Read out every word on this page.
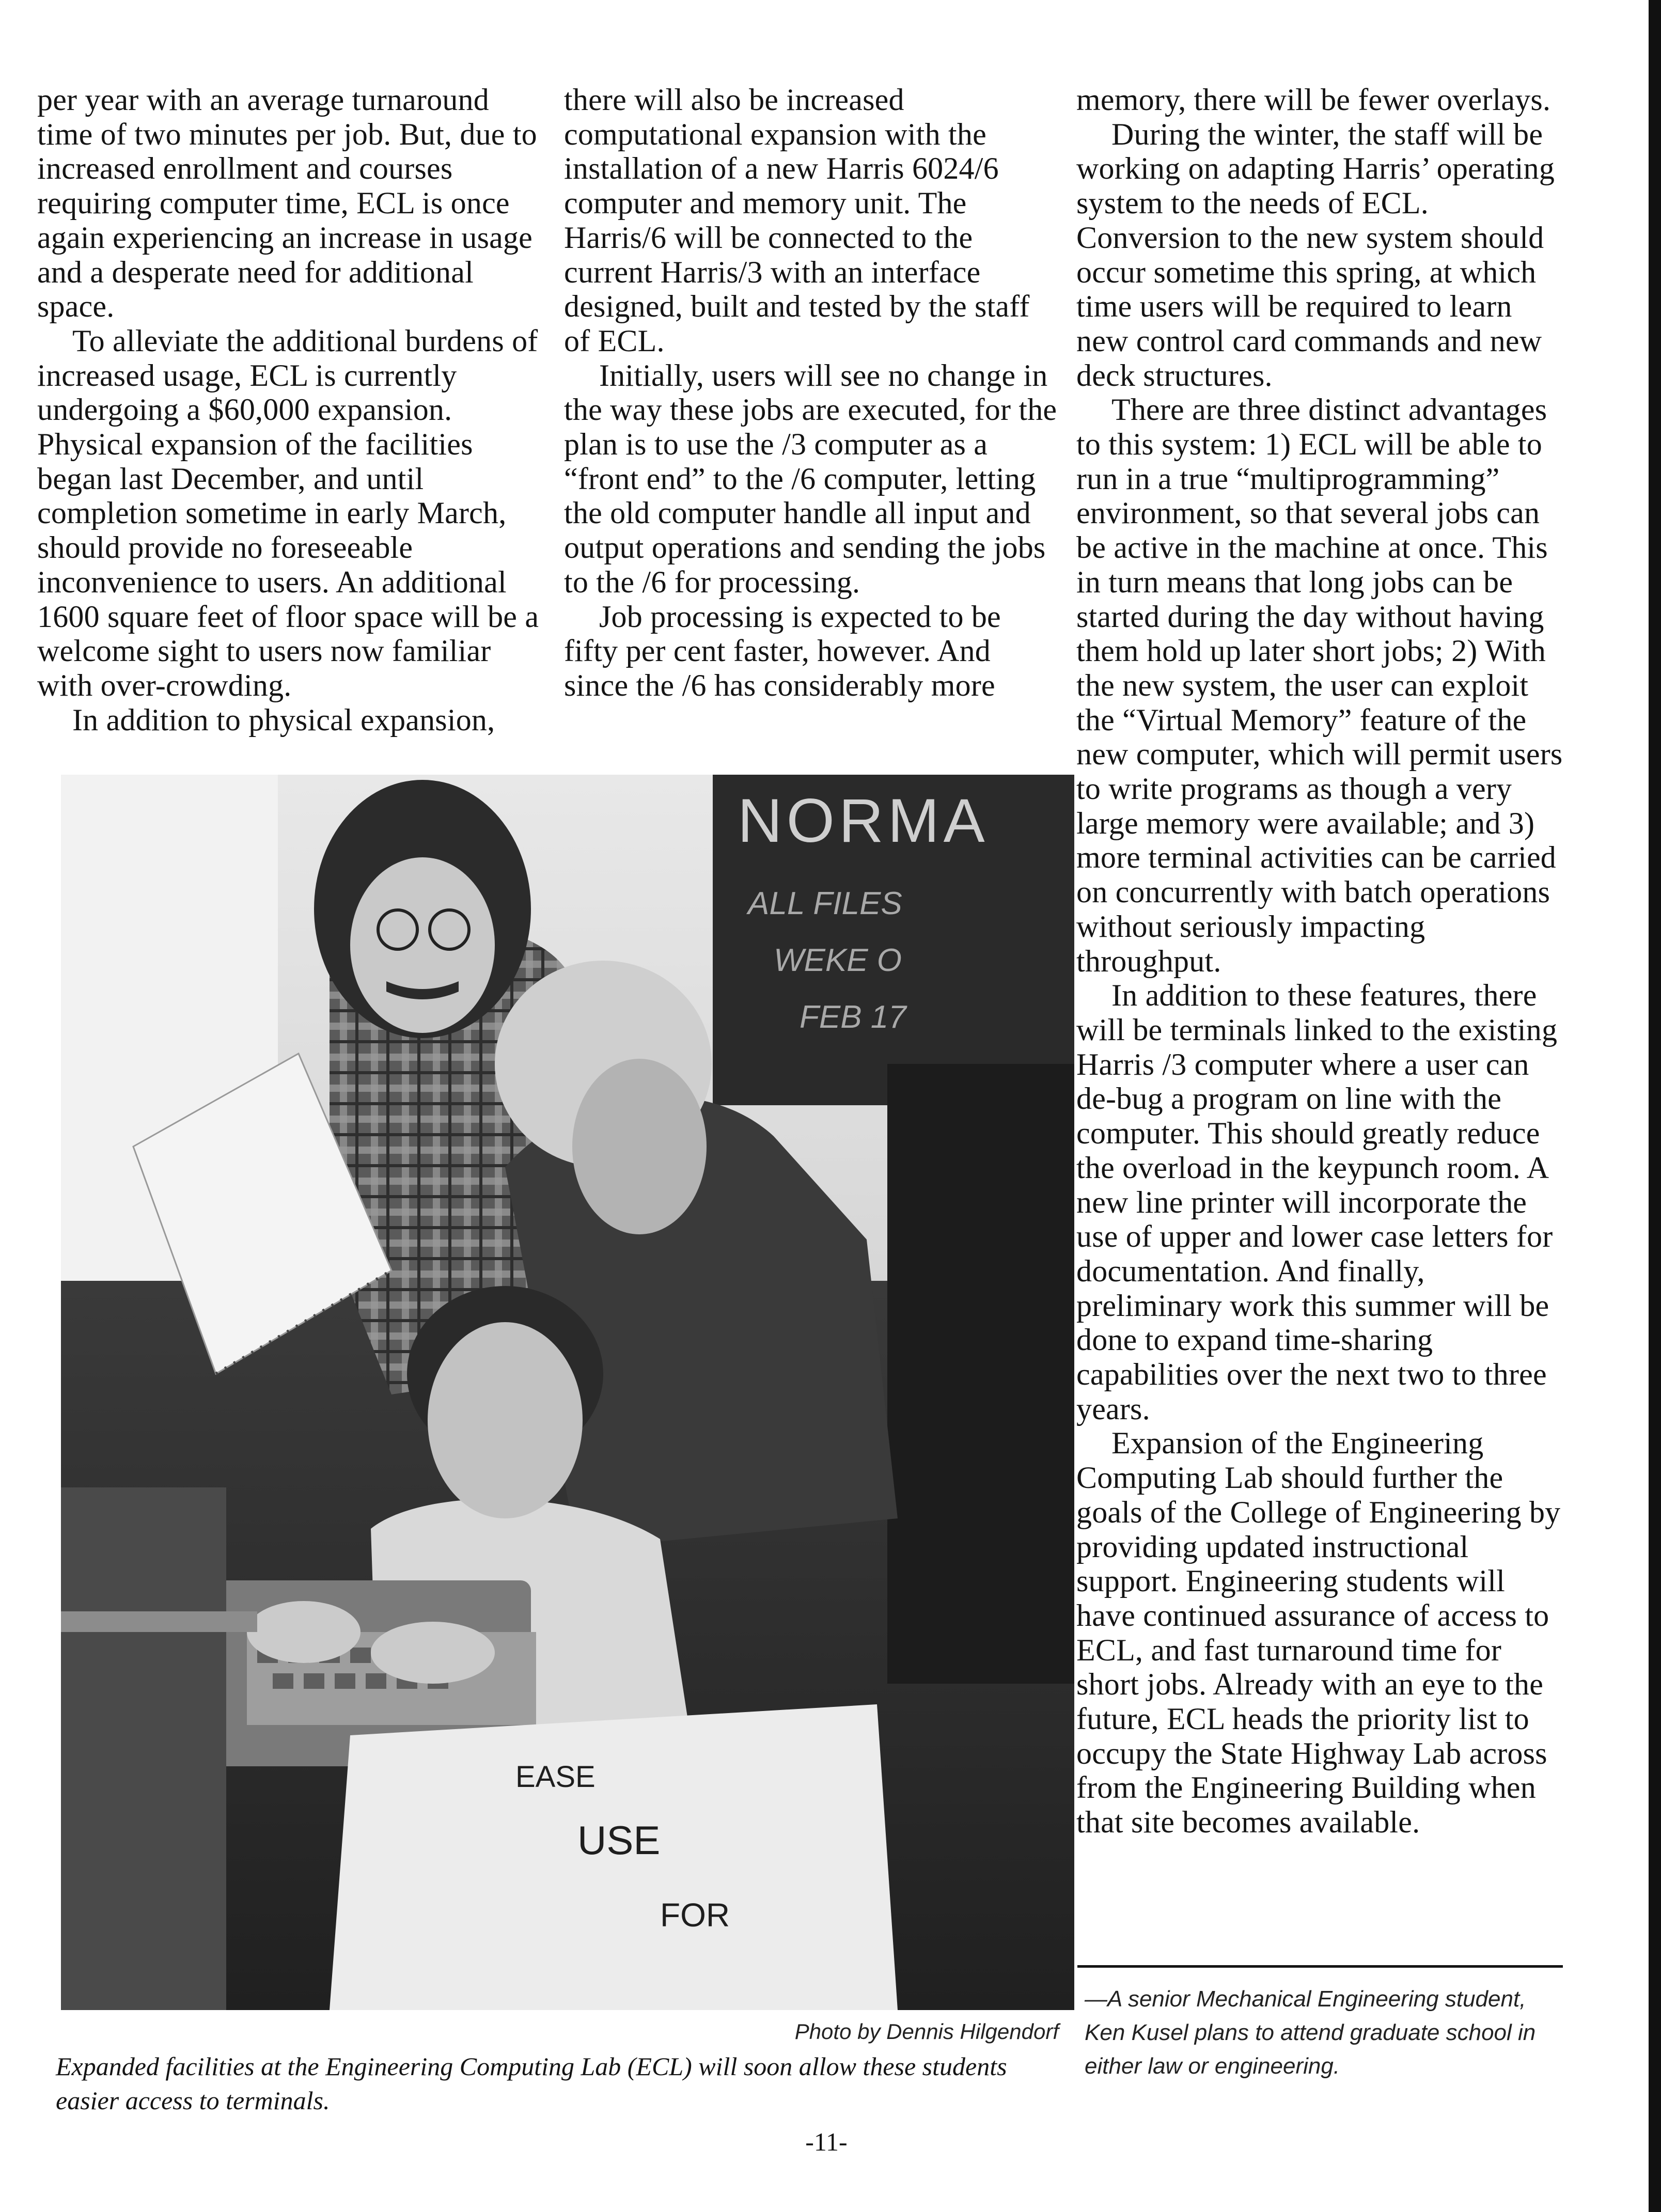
per year with an average turnaround time of two minutes per job. But, due to increased enrollment and courses requiring computer time, ECL is once again experiencing an increase in usage and a desperate need for additional space.

To alleviate the additional burdens of increased usage, ECL is currently undergoing a $60,000 expansion. Physical expansion of the facilities began last December, and until completion sometime in early March, should provide no foreseeable inconvenience to users. An additional 1600 square feet of floor space will be a welcome sight to users now familiar with over-crowding.

In addition to physical expansion,

there will also be increased computational expansion with the installation of a new Harris 6024/6 computer and memory unit. The Harris/6 will be connected to the current Harris/3 with an interface designed, built and tested by the staff of ECL.

Initially, users will see no change in the way these jobs are executed, for the plan is to use the /3 computer as a “front end” to the /6 computer, letting the old computer handle all input and output operations and sending the jobs to the /6 for processing.

Job processing is expected to be fifty per cent faster, however. And since the /6 has considerably more

memory, there will be fewer overlays.

During the winter, the staff will be working on adapting Harris’ operating system to the needs of ECL. Conversion to the new system should occur sometime this spring, at which time users will be required to learn new control card commands and new deck structures.

There are three distinct advantages to this system: 1) ECL will be able to run in a true “multiprogramming” environment, so that several jobs can be active in the machine at once. This in turn means that long jobs can be started during the day without having them hold up later short jobs; 2) With the new system, the user can exploit the “Virtual Memory” feature of the new computer, which will permit users to write programs as though a very large memory were available; and 3) more terminal activities can be carried on concurrently with batch operations without seriously impacting throughput.

In addition to these features, there will be terminals linked to the existing Harris /3 computer where a user can de-bug a program on line with the computer. This should greatly reduce the overload in the keypunch room. A new line printer will incorporate the use of upper and lower case letters for documentation. And finally, preliminary work this summer will be done to expand time-sharing capabilities over the next two to three years.

Expansion of the Engineering Computing Lab should further the goals of the College of Engineering by providing updated instructional support. Engineering students will have continued assurance of access to ECL, and fast turnaround time for short jobs. Already with an eye to the future, ECL heads the priority list to occupy the State Highway Lab across from the Engineering Building when that site becomes available.

NORMA
ALL FILES
WEKE O
FEB 17
EASE
USE
FOR
Photo by Dennis Hilgendorf
Expanded facilities at the Engineering Computing Lab (ECL) will soon allow these students easier access to terminals.
—A senior Mechanical Engineering student, Ken Kusel plans to attend graduate school in either law or engineering.
-11-
